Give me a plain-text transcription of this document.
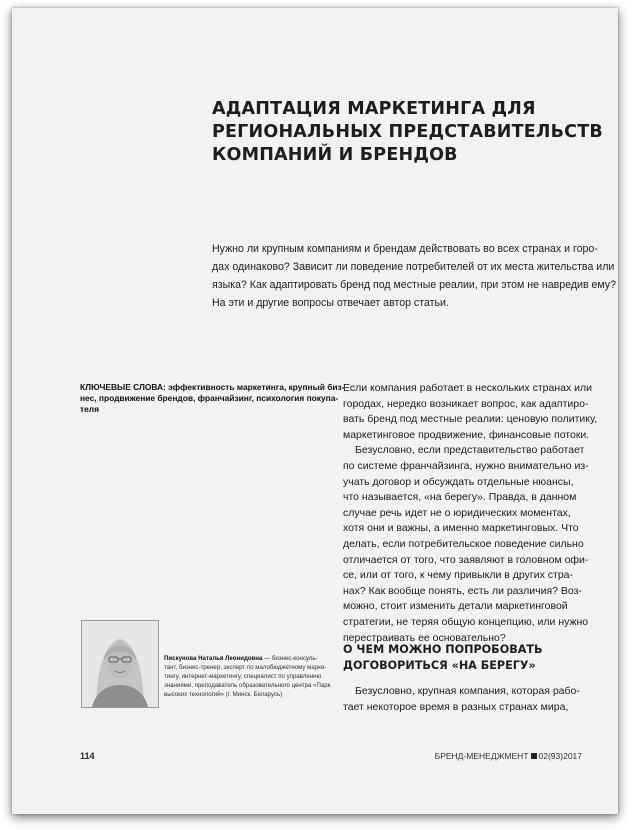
АДАПТАЦИЯ МАРКЕТИНГА ДЛЯ
РЕГИОНАЛЬНЫХ ПРЕДСТАВИТЕЛЬСТВ
КОМПАНИЙ И БРЕНДОВ
Нужно ли крупным компаниям и брендам действовать во всех странах и горо-
дах одинаково? Зависит ли поведение потребителей от их места жительства или
языка? Как адаптировать бренд под местные реалии, при этом не навредив ему?
На эти и другие вопросы отвечает автор статьи.
КЛЮЧЕВЫЕ СЛОВА: эффективность маркетинга, крупный биз-
нес, продвижение брендов, франчайзинг, психология покупа-
теля
Если компания работает в нескольких странах или
городах, нередко возникает вопрос, как адаптиро-
вать бренд под местные реалии: ценовую политику,
маркетинговое продвижение, финансовые потоки.
Безусловно, если представительство работает
по системе франчайзинга, нужно внимательно из-
учать договор и обсуждать отдельные нюансы,
что называется, «на берегу». Правда, в данном
случае речь идет не о юридических моментах,
хотя они и важны, а именно маркетинговых. Что
делать, если потребительское поведение сильно
отличается от того, что заявляют в головном офи-
се, или от того, к чему привыкли в других стра-
нах? Как вообще понять, есть ли различия? Воз-
можно, стоит изменить детали маркетинговой
стратегии, не теряя общую концепцию, или нужно
перестраивать ее основательно?
О ЧЕМ МОЖНО ПОПРОБОВАТЬ
ДОГОВОРИТЬСЯ «НА БЕРЕГУ»
Безусловно, крупная компания, которая рабо-
тает некоторое время в разных странах мира,
Пискунова Наталья Леонидовна — бизнес-консуль-
тант, бизнес-тренер, эксперт по малобюджетному марке-
тингу, интернет-маркетингу, специалист по управлению
знаниями, преподаватель образовательного центра «Парк
высоких технологий» (г. Минск, Беларусь)
114	БРЕНД-МЕНЕДЖМЕНТ 02(93)2017
